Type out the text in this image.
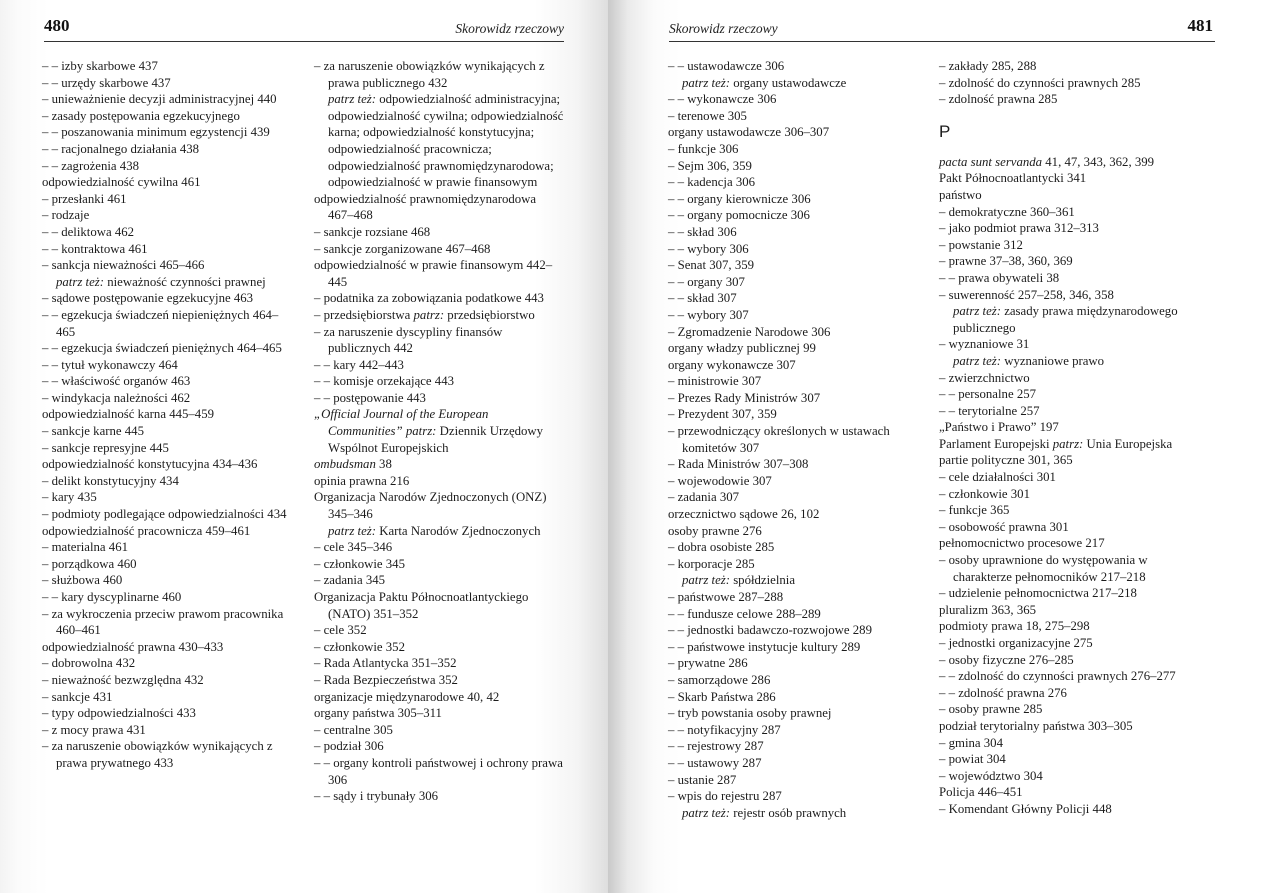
480	Skorowidz rzeczowy
– – izby skarbowe 437
– – urzędy skarbowe 437
– unieważnienie decyzji administracyjnej 440
– zasady postępowania egzekucyjnego
– – poszanowania minimum egzystencji 439
– – racjonalnego działania 438
– – zagrożenia 438
odpowiedzialność cywilna 461
– przesłanki 461
– rodzaje
– – deliktowa 462
– – kontraktowa 461
– sankcja nieważności 465–466
patrz też: nieważność czynności prawnej
– sądowe postępowanie egzekucyjne 463
– – egzekucja świadczeń niepieniężnych 464–465
– – egzekucja świadczeń pieniężnych 464–465
– – tytuł wykonawczy 464
– – właściwość organów 463
– windykacja należności 462
odpowiedzialność karna 445–459
– sankcje karne 445
– sankcje represyjne 445
odpowiedzialność konstytucyjna 434–436
– delikt konstytucyjny 434
– kary 435
– podmioty podlegające odpowiedzialności 434
odpowiedzialność pracownicza 459–461
– materialna 461
– porządkowa 460
– służbowa 460
– – kary dyscyplinarne 460
– za wykroczenia przeciw prawom pracownika 460–461
odpowiedzialność prawna 430–433
– dobrowolna 432
– nieważność bezwzględna 432
– sankcje 431
– typy odpowiedzialności 433
– z mocy prawa 431
– za naruszenie obowiązków wynikających z prawa prywatnego 433
– za naruszenie obowiązków wynikających z prawa publicznego 432
patrz też: odpowiedzialność administracyjna; odpowiedzialność cywilna; odpowiedzialność karna; odpowiedzialność konstytucyjna; odpowiedzialność pracownicza; odpowiedzialność prawnomiędzynarodowa; odpowiedzialność w prawie finansowym
odpowiedzialność prawnomiędzynarodowa 467–468
– sankcje rozsiane 468
– sankcje zorganizowane 467–468
odpowiedzialność w prawie finansowym 442–445
– podatnika za zobowiązania podatkowe 443
– przedsiębiorstwa patrz: przedsiębiorstwo
– za naruszenie dyscypliny finansów publicznych 442
– – kary 442–443
– – komisje orzekające 443
– – postępowanie 443
„Official Journal of the European Communities” patrz: Dziennik Urzędowy Wspólnot Europejskich
ombudsman 38
opinia prawna 216
Organizacja Narodów Zjednoczonych (ONZ) 345–346
patrz też: Karta Narodów Zjednoczonych
– cele 345–346
– członkowie 345
– zadania 345
Organizacja Paktu Północnoatlantyckiego (NATO) 351–352
– cele 352
– członkowie 352
– Rada Atlantycka 351–352
– Rada Bezpieczeństwa 352
organizacje międzynarodowe 40, 42
organy państwa 305–311
– centralne 305
– podział 306
– – organy kontroli państwowej i ochrony prawa 306
– – sądy i trybunały 306
Skorowidz rzeczowy	481
– – ustawodawcze 306
patrz też: organy ustawodawcze
– – wykonawcze 306
– terenowe 305
organy ustawodawcze 306–307
– funkcje 306
– Sejm 306, 359
– – kadencja 306
– – organy kierownicze 306
– – organy pomocnicze 306
– – skład 306
– – wybory 306
– Senat 307, 359
– – organy 307
– – skład 307
– – wybory 307
– Zgromadzenie Narodowe 306
organy władzy publicznej 99
organy wykonawcze 307
– ministrowie 307
– Prezes Rady Ministrów 307
– Prezydent 307, 359
– przewodniczący określonych w ustawach komitetów 307
– Rada Ministrów 307–308
– wojewodowie 307
– zadania 307
orzecznictwo sądowe 26, 102
osoby prawne 276
– dobra osobiste 285
– korporacje 285
patrz też: spółdzielnia
– państwowe 287–288
– – fundusze celowe 288–289
– – jednostki badawczo-rozwojowe 289
– – państwowe instytucje kultury 289
– prywatne 286
– samorządowe 286
– Skarb Państwa 286
– tryb powstania osoby prawnej
– – notyfikacyjny 287
– – rejestrowy 287
– – ustawowy 287
– ustanie 287
– wpis do rejestru 287
patrz też: rejestr osób prawnych
– zakłady 285, 288
– zdolność do czynności prawnych 285
– zdolność prawna 285
P
pacta sunt servanda 41, 47, 343, 362, 399
Pakt Północnoatlantycki 341
państwo
– demokratyczne 360–361
– jako podmiot prawa 312–313
– powstanie 312
– prawne 37–38, 360, 369
– – prawa obywateli 38
– suwerenność 257–258, 346, 358
patrz też: zasady prawa międzynarodowego publicznego
– wyznaniowe 31
patrz też: wyznaniowe prawo
– zwierzchnictwo
– – personalne 257
– – terytorialne 257
„Państwo i Prawo” 197
Parlament Europejski patrz: Unia Europejska
partie polityczne 301, 365
– cele działalności 301
– członkowie 301
– funkcje 365
– osobowość prawna 301
pełnomocnictwo procesowe 217
– osoby uprawnione do występowania w charakterze pełnomocników 217–218
– udzielenie pełnomocnictwa 217–218
pluralizm 363, 365
podmioty prawa 18, 275–298
– jednostki organizacyjne 275
– osoby fizyczne 276–285
– – zdolność do czynności prawnych 276–277
– – zdolność prawna 276
– osoby prawne 285
podział terytorialny państwa 303–305
– gmina 304
– powiat 304
– województwo 304
Policja 446–451
– Komendant Główny Policji 448
